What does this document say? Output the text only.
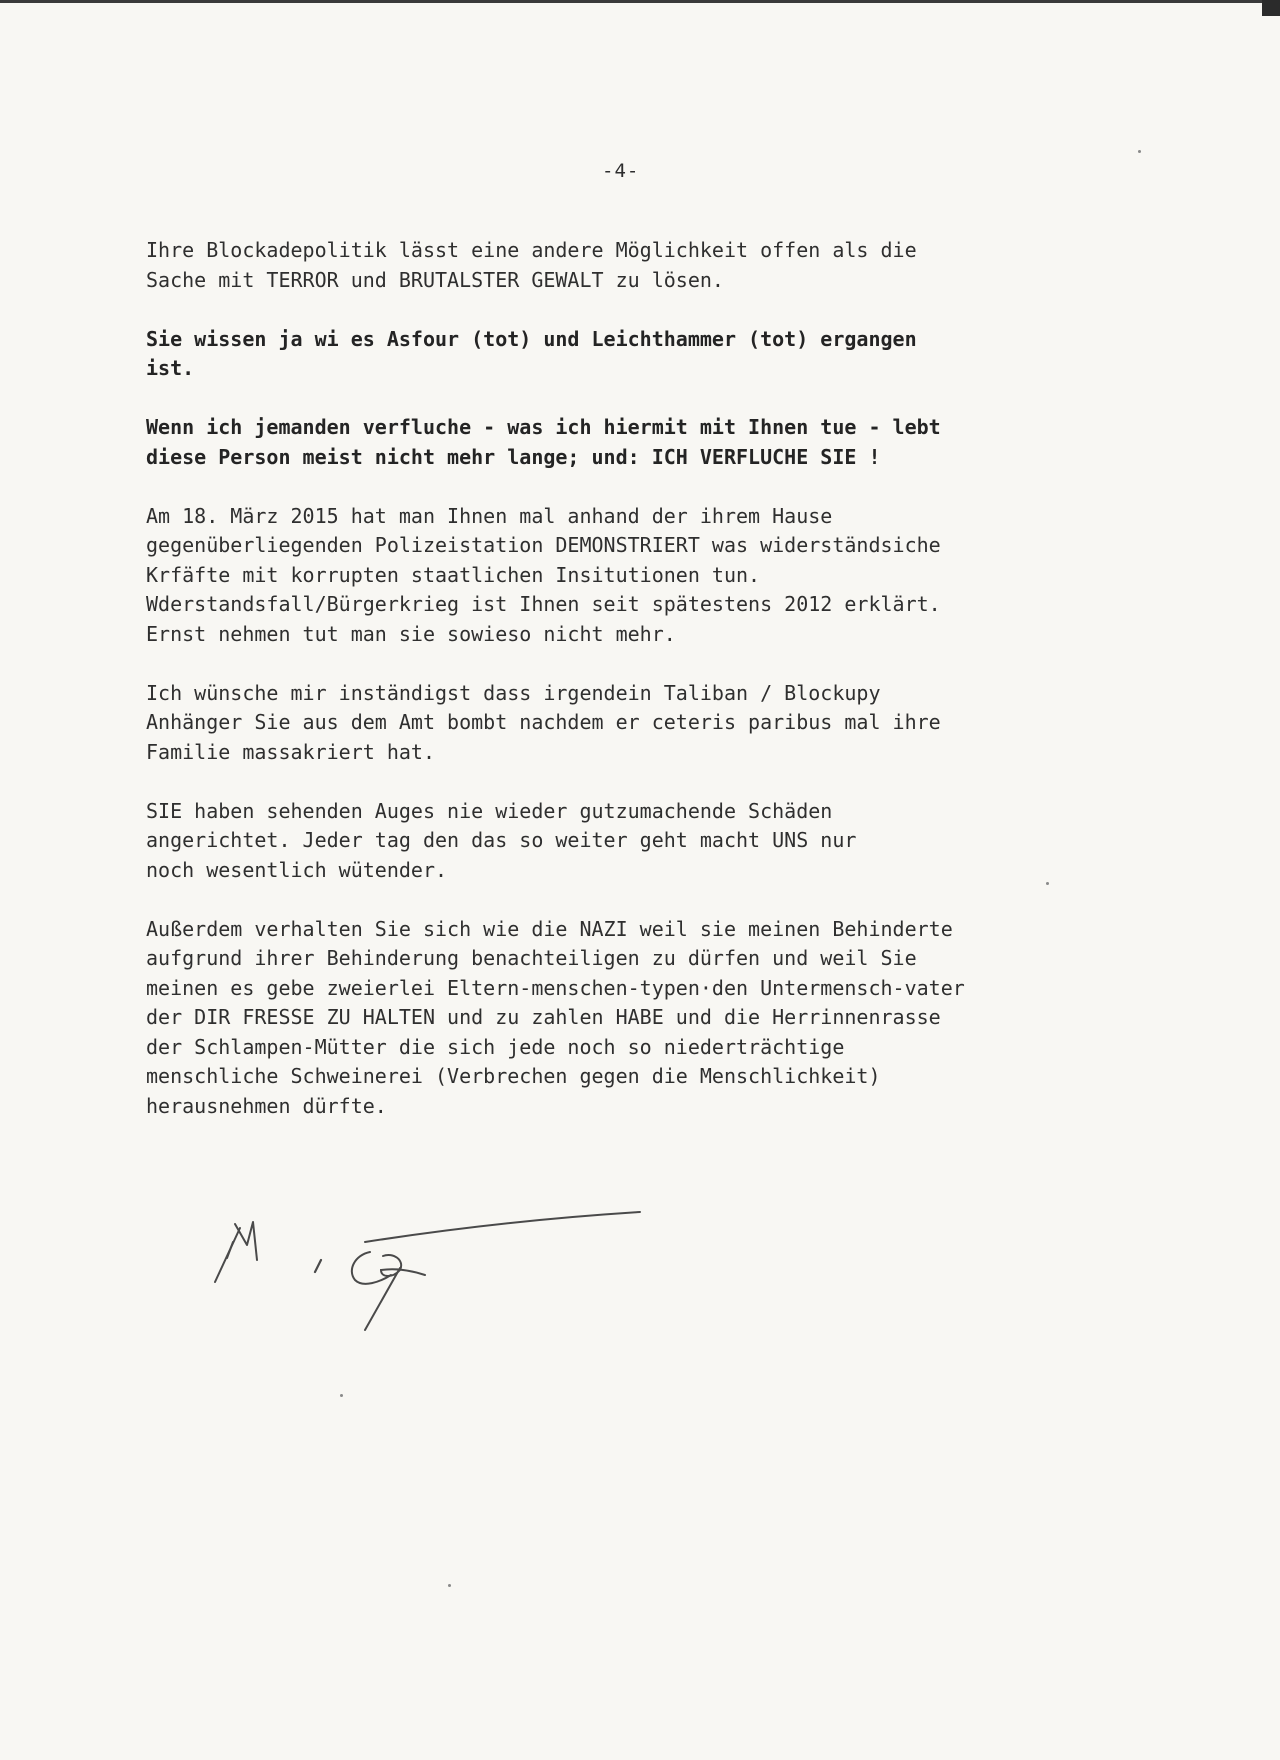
-4-

Ihre Blockadepolitik lässt eine andere Möglichkeit offen als die
Sache mit TERROR und BRUTALSTER GEWALT zu lösen.

Sie wissen ja wi es Asfour (tot) und Leichthammer (tot) ergangen
ist.

Wenn ich jemanden verfluche - was ich hiermit mit Ihnen tue - lebt
diese Person meist nicht mehr lange; und: ICH VERFLUCHE SIE !

Am 18. März 2015 hat man Ihnen mal anhand der ihrem Hause
gegenüberliegenden Polizeistation DEMONSTRIERT was widerständsiche
Krfäfte mit korrupten staatlichen Insitutionen tun.
Wderstandsfall/Bürgerkrieg ist Ihnen seit spätestens 2012 erklärt.
Ernst nehmen tut man sie sowieso nicht mehr.

Ich wünsche mir inständigst dass irgendein Taliban / Blockupy
Anhänger Sie aus dem Amt bombt nachdem er ceteris paribus mal ihre
Familie massakriert hat.

SIE haben sehenden Auges nie wieder gutzumachende Schäden
angerichtet. Jeder tag den das so weiter geht macht UNS nur
noch wesentlich wütender.

Außerdem verhalten Sie sich wie die NAZI weil sie meinen Behinderte
aufgrund ihrer Behinderung benachteiligen zu dürfen und weil Sie
meinen es gebe zweierlei Eltern-menschen-typen·den Untermensch-vater
der DIR FRESSE ZU HALTEN und zu zahlen HABE und die Herrinnenrasse
der Schlampen-Mütter die sich jede noch so niederträchtige
menschliche Schweinerei (Verbrechen gegen die Menschlichkeit)
herausnehmen dürfte.
